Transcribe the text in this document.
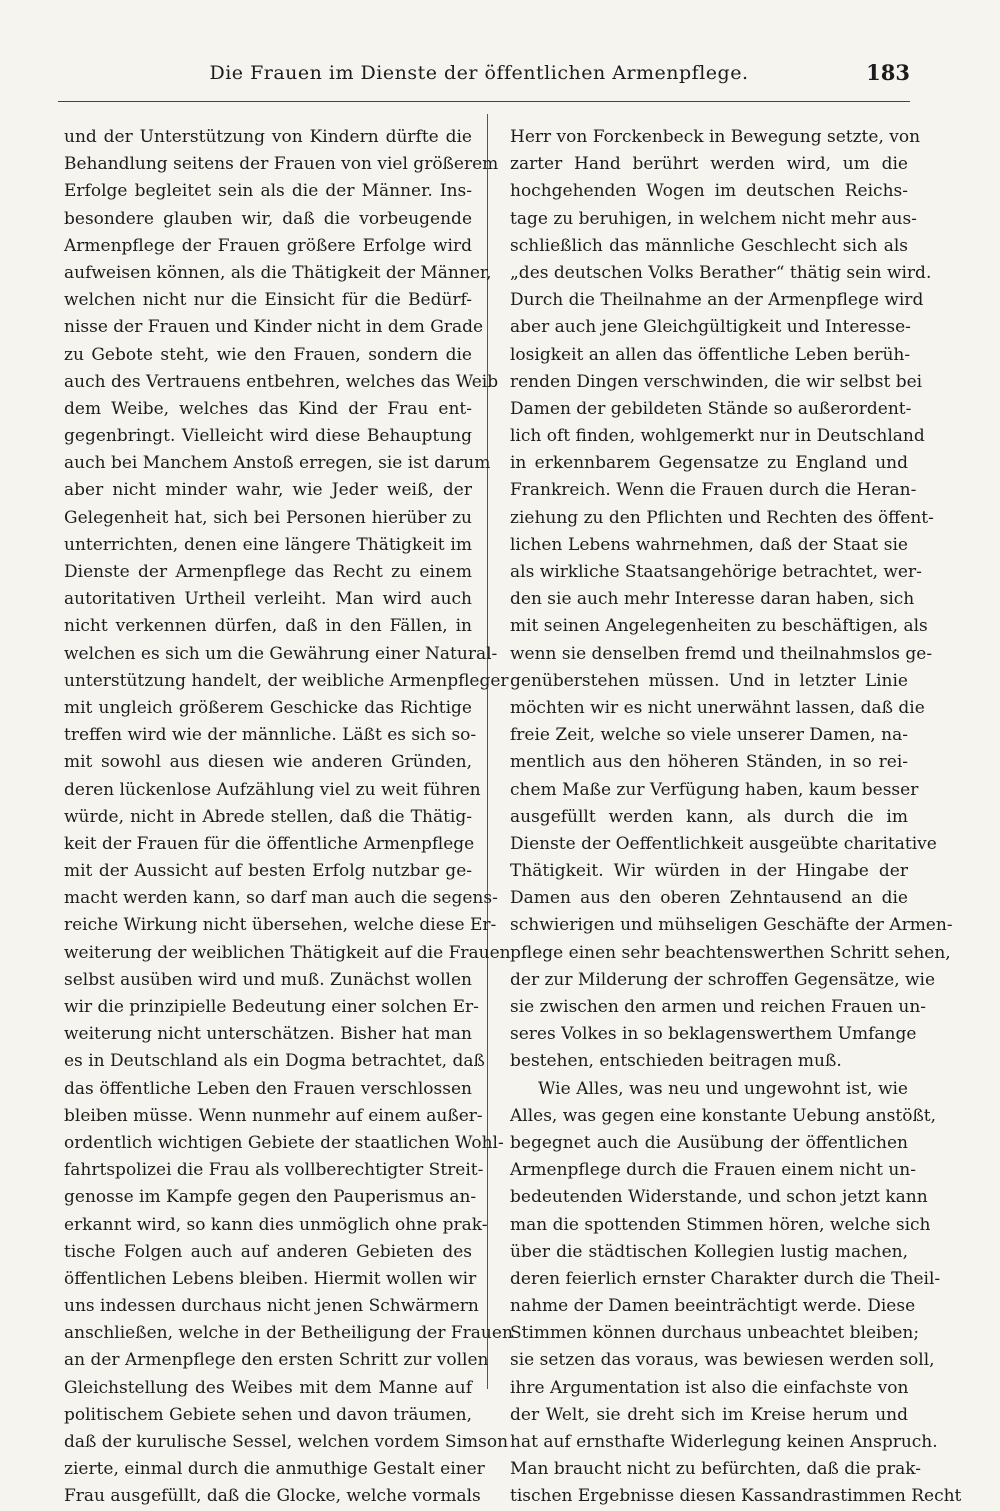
Die Frauen im Dienste der öffentlichen Armenpflege.	183
und der Unterstützung von Kindern dürfte die
Behandlung seitens der Frauen von viel größerem
Erfolge begleitet sein als die der Männer. Ins-
besondere glauben wir, daß die vorbeugende
Armenpflege der Frauen größere Erfolge wird
aufweisen können, als die Thätigkeit der Männer,
welchen nicht nur die Einsicht für die Bedürf-
nisse der Frauen und Kinder nicht in dem Grade
zu Gebote steht, wie den Frauen, sondern die
auch des Vertrauens entbehren, welches das Weib
dem Weibe, welches das Kind der Frau ent-
gegenbringt. Vielleicht wird diese Behauptung
auch bei Manchem Anstoß erregen, sie ist darum
aber nicht minder wahr, wie Jeder weiß, der
Gelegenheit hat, sich bei Personen hierüber zu
unterrichten, denen eine längere Thätigkeit im
Dienste der Armenpflege das Recht zu einem
autoritativen Urtheil verleiht. Man wird auch
nicht verkennen dürfen, daß in den Fällen, in
welchen es sich um die Gewährung einer Natural-
unterstützung handelt, der weibliche Armenpfleger
mit ungleich größerem Geschicke das Richtige
treffen wird wie der männliche. Läßt es sich so-
mit sowohl aus diesen wie anderen Gründen,
deren lückenlose Aufzählung viel zu weit führen
würde, nicht in Abrede stellen, daß die Thätig-
keit der Frauen für die öffentliche Armenpflege
mit der Aussicht auf besten Erfolg nutzbar ge-
macht werden kann, so darf man auch die segens-
reiche Wirkung nicht übersehen, welche diese Er-
weiterung der weiblichen Thätigkeit auf die Frauen
selbst ausüben wird und muß. Zunächst wollen
wir die prinzipielle Bedeutung einer solchen Er-
weiterung nicht unterschätzen. Bisher hat man
es in Deutschland als ein Dogma betrachtet, daß
das öffentliche Leben den Frauen verschlossen
bleiben müsse. Wenn nunmehr auf einem außer-
ordentlich wichtigen Gebiete der staatlichen Wohl-
fahrtspolizei die Frau als vollberechtigter Streit-
genosse im Kampfe gegen den Pauperismus an-
erkannt wird, so kann dies unmöglich ohne prak-
tische Folgen auch auf anderen Gebieten des
öffentlichen Lebens bleiben. Hiermit wollen wir
uns indessen durchaus nicht jenen Schwärmern
anschließen, welche in der Betheiligung der Frauen
an der Armenpflege den ersten Schritt zur vollen
Gleichstellung des Weibes mit dem Manne auf
politischem Gebiete sehen und davon träumen,
daß der kurulische Sessel, welchen vordem Simson
zierte, einmal durch die anmuthige Gestalt einer
Frau ausgefüllt, daß die Glocke, welche vormals
Herr von Forckenbeck in Bewegung setzte, von
zarter Hand berührt werden wird, um die
hochgehenden Wogen im deutschen Reichs-
tage zu beruhigen, in welchem nicht mehr aus-
schließlich das männliche Geschlecht sich als
„des deutschen Volks Berather“ thätig sein wird.
Durch die Theilnahme an der Armenpflege wird
aber auch jene Gleichgültigkeit und Interesse-
losigkeit an allen das öffentliche Leben berüh-
renden Dingen verschwinden, die wir selbst bei
Damen der gebildeten Stände so außerordent-
lich oft finden, wohlgemerkt nur in Deutschland
in erkennbarem Gegensatze zu England und
Frankreich. Wenn die Frauen durch die Heran-
ziehung zu den Pflichten und Rechten des öffent-
lichen Lebens wahrnehmen, daß der Staat sie
als wirkliche Staatsangehörige betrachtet, wer-
den sie auch mehr Interesse daran haben, sich
mit seinen Angelegenheiten zu beschäftigen, als
wenn sie denselben fremd und theilnahmslos ge-
genüberstehen müssen. Und in letzter Linie
möchten wir es nicht unerwähnt lassen, daß die
freie Zeit, welche so viele unserer Damen, na-
mentlich aus den höheren Ständen, in so rei-
chem Maße zur Verfügung haben, kaum besser
ausgefüllt werden kann, als durch die im
Dienste der Oeffentlichkeit ausgeübte charitative
Thätigkeit. Wir würden in der Hingabe der
Damen aus den oberen Zehntausend an die
schwierigen und mühseligen Geschäfte der Armen-
pflege einen sehr beachtenswerthen Schritt sehen,
der zur Milderung der schroffen Gegensätze, wie
sie zwischen den armen und reichen Frauen un-
seres Volkes in so beklagenswerthem Umfange
bestehen, entschieden beitragen muß.
Wie Alles, was neu und ungewohnt ist, wie
Alles, was gegen eine konstante Uebung anstößt,
begegnet auch die Ausübung der öffentlichen
Armenpflege durch die Frauen einem nicht un-
bedeutenden Widerstande, und schon jetzt kann
man die spottenden Stimmen hören, welche sich
über die städtischen Kollegien lustig machen,
deren feierlich ernster Charakter durch die Theil-
nahme der Damen beeinträchtigt werde. Diese
Stimmen können durchaus unbeachtet bleiben;
sie setzen das voraus, was bewiesen werden soll,
ihre Argumentation ist also die einfachste von
der Welt, sie dreht sich im Kreise herum und
hat auf ernsthafte Widerlegung keinen Anspruch.
Man braucht nicht zu befürchten, daß die prak-
tischen Ergebnisse diesen Kassandrastimmen Recht
